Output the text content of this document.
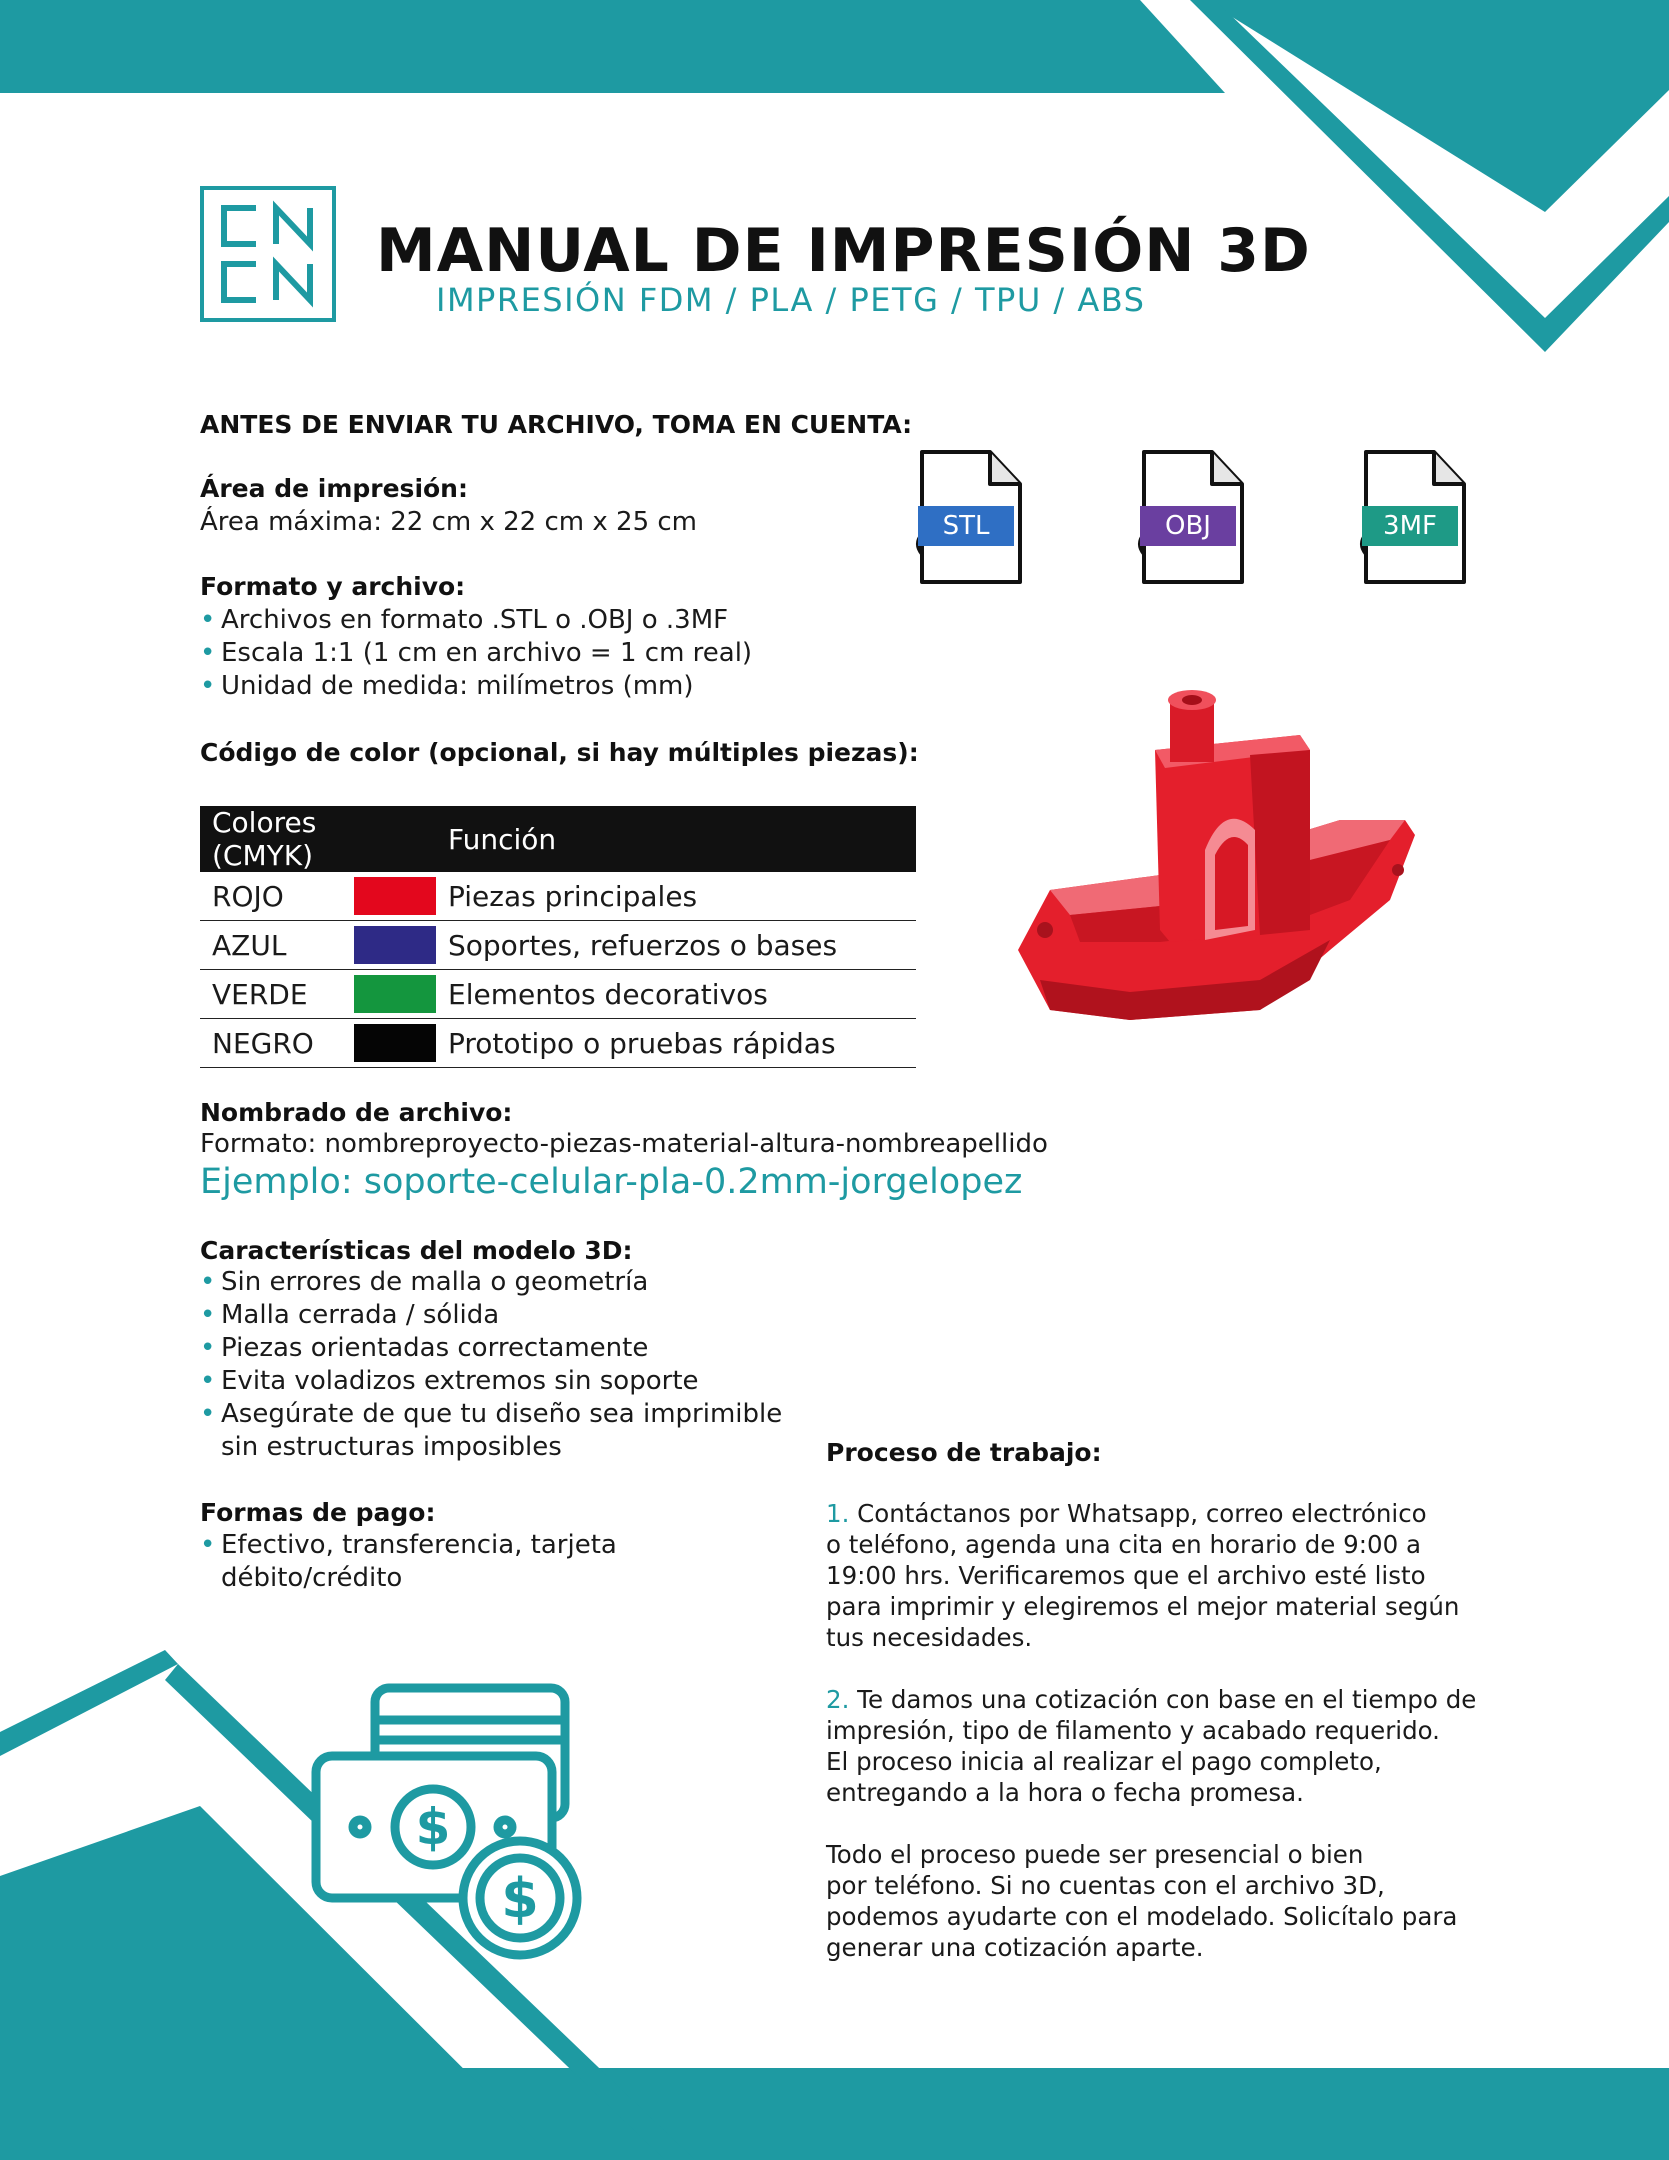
MANUAL DE IMPRESIÓN 3D
IMPRESIÓN FDM / PLA / PETG / TPU / ABS
ANTES DE ENVIAR TU ARCHIVO, TOMA EN CUENTA:
Área de impresión:
Área máxima: 22 cm x 22 cm x 25 cm
Formato y archivo:
• Archivos en formato .STL o .OBJ o .3MF
• Escala 1:1 (1 cm en archivo = 1 cm real)
• Unidad de medida: milímetros (mm)
STL	OBJ	3MF
Código de color (opcional, si hay múltiples piezas):
Colores (CMYK)		Función
ROJO		Piezas principales
AZUL		Soportes, refuerzos o bases
VERDE		Elementos decorativos
NEGRO		Prototipo o pruebas rápidas
Nombrado de archivo:
Formato: nombreproyecto-piezas-material-altura-nombreapellido
Ejemplo: soporte-celular-pla-0.2mm-jorgelopez
Características del modelo 3D:
• Sin errores de malla o geometría
• Malla cerrada / sólida
• Piezas orientadas correctamente
• Evita voladizos extremos sin soporte
• Asegúrate de que tu diseño sea imprimible
sin estructuras imposibles
Formas de pago:
• Efectivo, transferencia, tarjeta
débito/crédito
$
$
Proceso de trabajo:

1. Contáctanos por Whatsapp, correo electrónico
o teléfono, agenda una cita en horario de 9:00 a
19:00 hrs. Verificaremos que el archivo esté listo
para imprimir y elegiremos el mejor material según
tus necesidades.

2. Te damos una cotización con base en el tiempo de
impresión, tipo de filamento y acabado requerido.
El proceso inicia al realizar el pago completo,
entregando a la hora o fecha promesa.

Todo el proceso puede ser presencial o bien
por teléfono. Si no cuentas con el archivo 3D,
podemos ayudarte con el modelado. Solicítalo para
generar una cotización aparte.
